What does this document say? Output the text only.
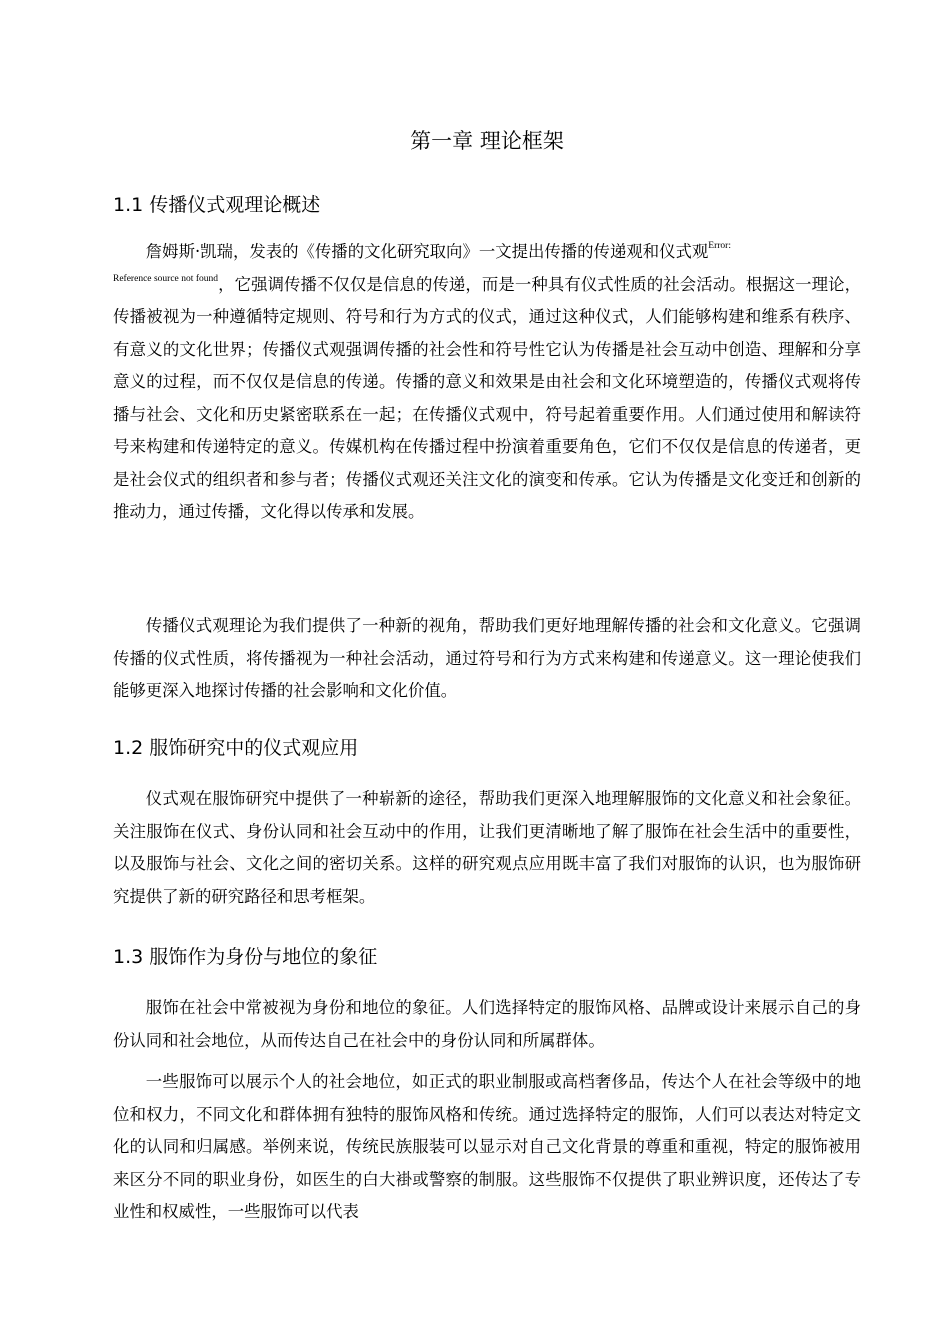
第一章 理论框架
1.1 传播仪式观理论概述

詹姆斯·凯瑞，发表的《传播的文化研究取向》一文提出传播的传递观和仪式观$^{Error: Reference source not found}$，它强调传播不仅仅是信息的传递，而是一种具有仪式性质的社会活动。根据这一理论，传播被视为一种遵循特定规则、符号和行为方式的仪式，通过这种仪式，人们能够构建和维系有秩序、有意义的文化世界；传播仪式观强调传播的社会性和符号性它认为传播是社会互动中创造、理解和分享意义的过程，而不仅仅是信息的传递。传播的意义和效果是由社会和文化环境塑造的，传播仪式观将传播与社会、文化和历史紧密联系在一起；在传播仪式观中，符号起着重要作用。人们通过使用和解读符号来构建和传递特定的意义。传媒机构在传播过程中扮演着重要角色，它们不仅仅是信息的传递者，更是社会仪式的组织者和参与者；传播仪式观还关注文化的演变和传承。它认为传播是文化变迁和创新的推动力，通过传播，文化得以传承和发展。

传播仪式观理论为我们提供了一种新的视角，帮助我们更好地理解传播的社会和文化意义。它强调传播的仪式性质，将传播视为一种社会活动，通过符号和行为方式来构建和传递意义。这一理论使我们能够更深入地探讨传播的社会影响和文化价值。

1.2 服饰研究中的仪式观应用

仪式观在服饰研究中提供了一种崭新的途径，帮助我们更深入地理解服饰的文化意义和社会象征。关注服饰在仪式、身份认同和社会互动中的作用，让我们更清晰地了解了服饰在社会生活中的重要性，以及服饰与社会、文化之间的密切关系。这样的研究观点应用既丰富了我们对服饰的认识，也为服饰研究提供了新的研究路径和思考框架。

1.3 服饰作为身份与地位的象征

服饰在社会中常被视为身份和地位的象征。人们选择特定的服饰风格、品牌或设计来展示自己的身份认同和社会地位，从而传达自己在社会中的身份认同和所属群体。

一些服饰可以展示个人的社会地位，如正式的职业制服或高档奢侈品，传达个人在社会等级中的地位和权力，不同文化和群体拥有独特的服饰风格和传统。通过选择特定的服饰，人们可以表达对特定文化的认同和归属感。举例来说，传统民族服装可以显示对自己文化背景的尊重和重视，特定的服饰被用来区分不同的职业身份，如医生的白大褂或警察的制服。这些服饰不仅提供了职业辨识度，还传达了专业性和权威性，一些服饰可以代表
